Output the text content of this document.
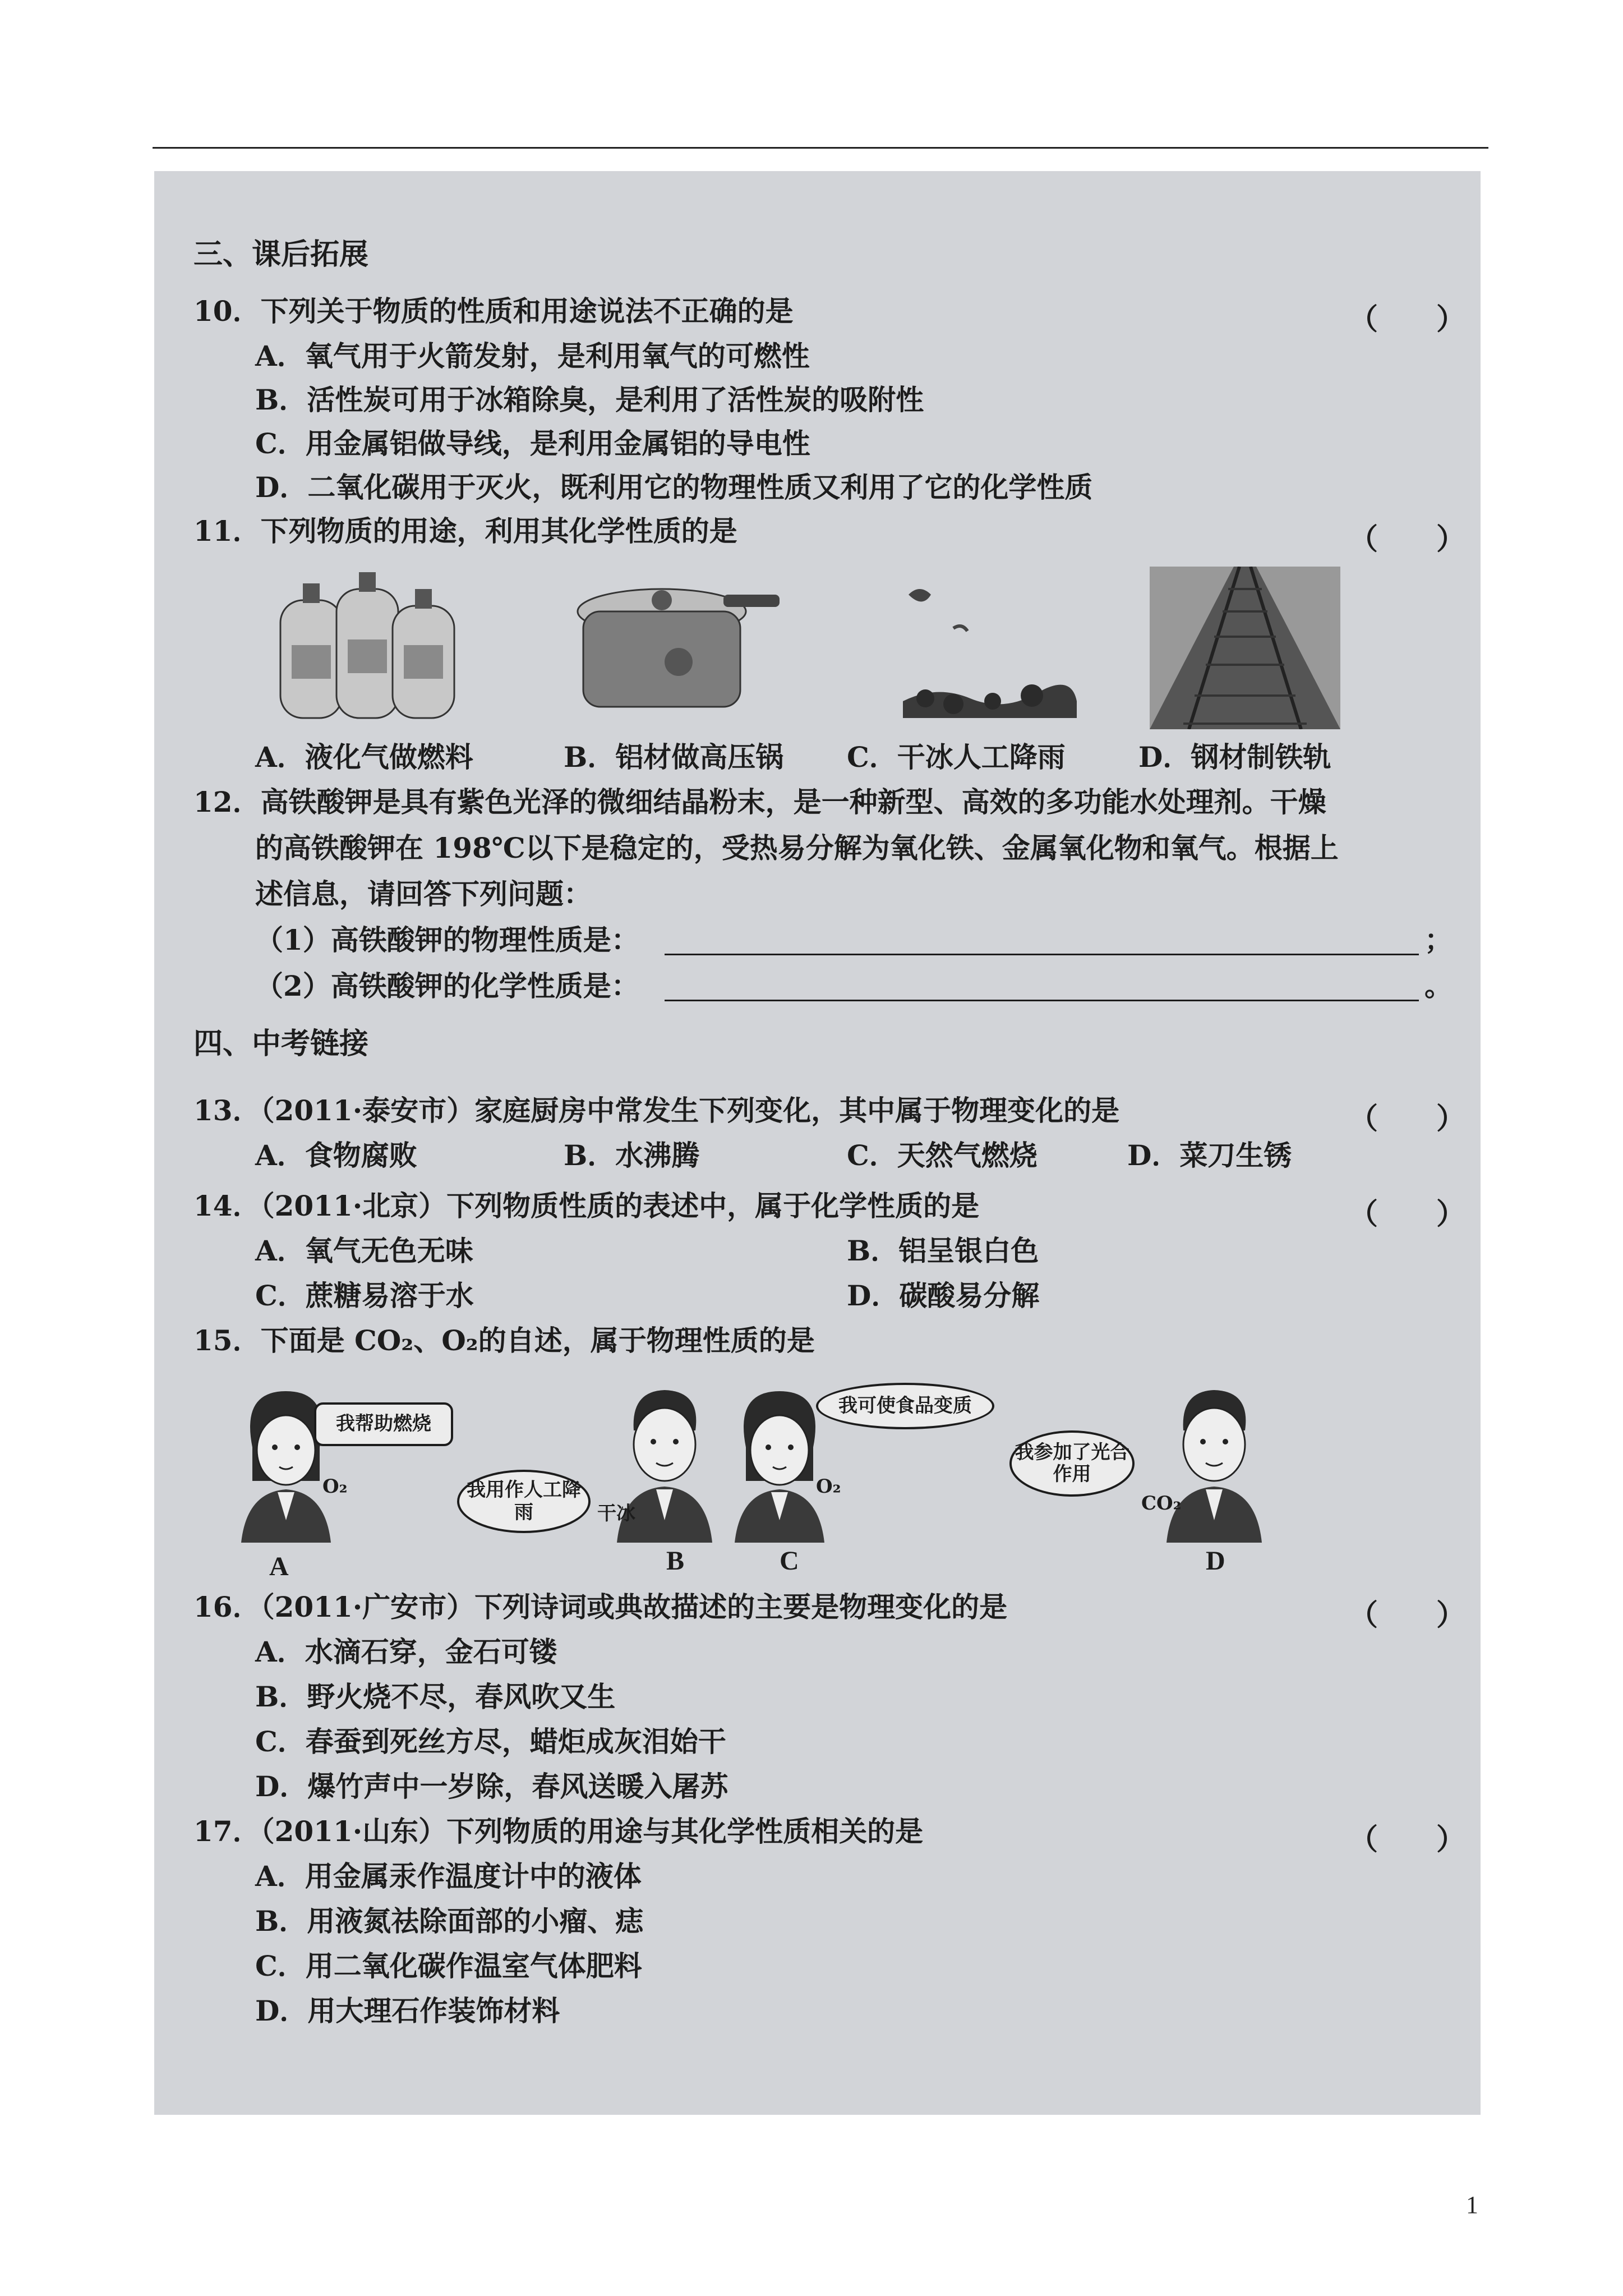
三、课后拓展
10．下列关于物质的性质和用途说法不正确的是	（　　）
A．氧气用于火箭发射，是利用氧气的可燃性
B．活性炭可用于冰箱除臭，是利用了活性炭的吸附性
C．用金属铝做导线，是利用金属铝的导电性
D．二氧化碳用于灭火，既利用它的物理性质又利用了它的化学性质
11．下列物质的用途，利用其化学性质的是	（　　）
A．液化气做燃料	B．铝材做高压锅 C．干冰人工降雨	D．钢材制铁轨
12．高铁酸钾是具有紫色光泽的微细结晶粉末，是一种新型、高效的多功能水处理剂。干燥
的高铁酸钾在 198℃以下是稳定的，受热易分解为氧化铁、金属氧化物和氧气。根据上
述信息，请回答下列问题：
（1）高铁酸钾的物理性质是：	；
（2）高铁酸钾的化学性质是：	。
四、中考链接
13．（2011·泰安市）家庭厨房中常发生下列变化，其中属于物理变化的是	（　　）
A．食物腐败	B．水沸腾	C．天然气燃烧	D．菜刀生锈
14．（2011·北京）下列物质性质的表述中，属于化学性质的是	（　　）
A．氧气无色无味	B．铝呈银白色
C．蔗糖易溶于水	D．碳酸易分解
15．下面是 CO₂、O₂的自述，属于物理性质的是
我帮助燃烧
O₂	我用作人工降雨	干冰
我可使食品变质
O₂
我参加了光合作用
CO₂
A	B	C	D
16．（2011·广安市）下列诗词或典故描述的主要是物理变化的是	（　　）
A．水滴石穿，金石可镂
B．野火烧不尽，春风吹又生
C．春蚕到死丝方尽，蜡炬成灰泪始干
D．爆竹声中一岁除，春风送暖入屠苏
17．（2011·山东）下列物质的用途与其化学性质相关的是	（　　）
A．用金属汞作温度计中的液体
B．用液氮祛除面部的小瘤、痣
C．用二氧化碳作温室气体肥料
D．用大理石作装饰材料
1
